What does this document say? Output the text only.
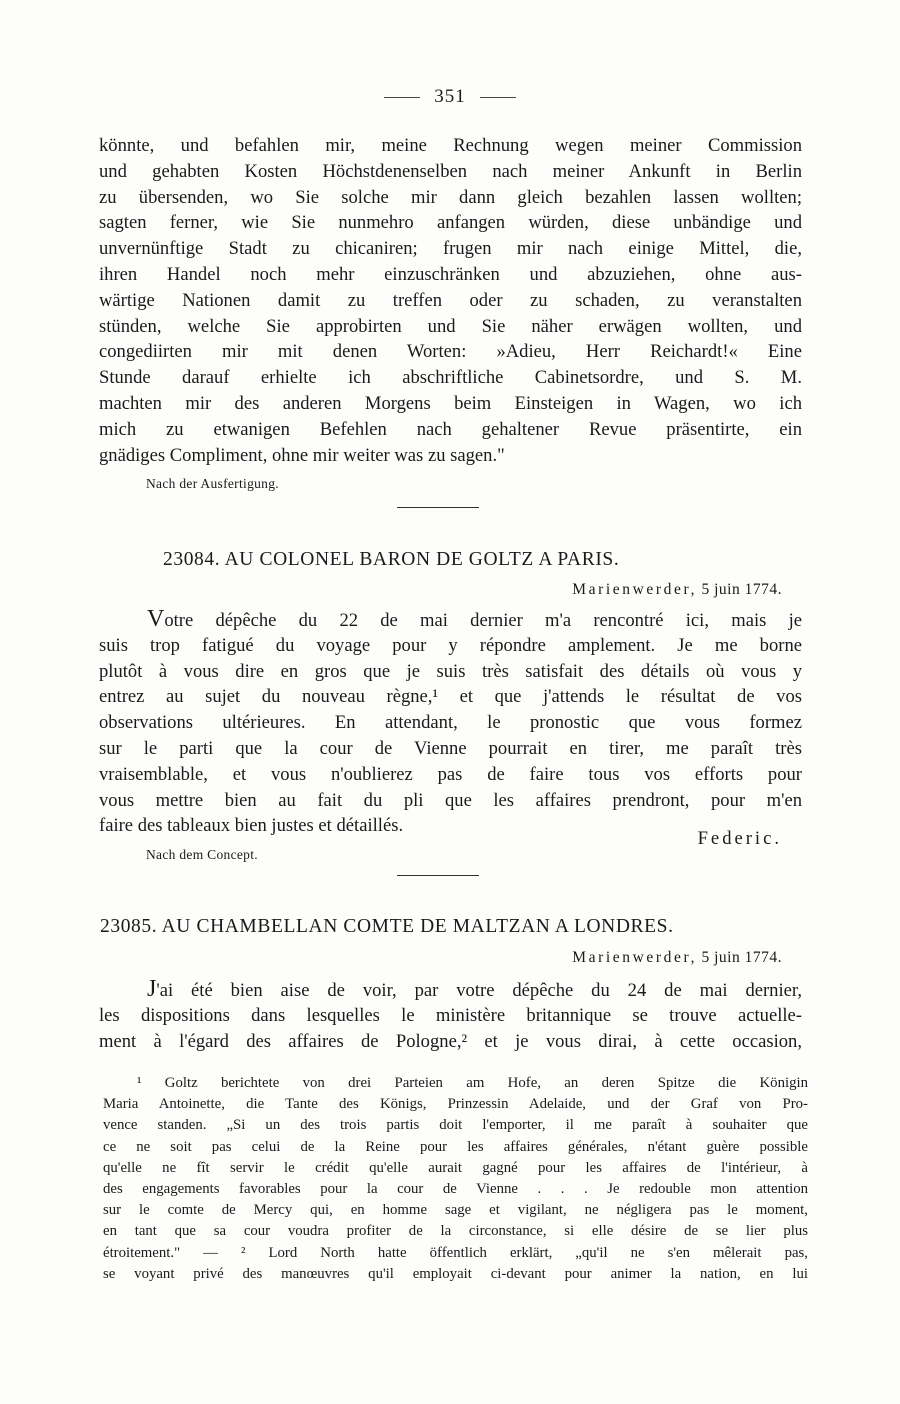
351
könnte, und befahlen mir, meine Rechnung wegen meiner Commission
und gehabten Kosten Höchstdenenselben nach meiner Ankunft in Berlin
zu übersenden, wo Sie solche mir dann gleich bezahlen lassen wollten;
sagten ferner, wie Sie nunmehro anfangen würden, diese unbändige und
unvernünftige Stadt zu chicaniren; frugen mir nach einige Mittel, die,
ihren Handel noch mehr einzuschränken und abzuziehen, ohne aus-
wärtige Nationen damit zu treffen oder zu schaden, zu veranstalten
stünden, welche Sie approbirten und Sie näher erwägen wollten, und
congediirten mir mit denen Worten: »Adieu, Herr Reichardt!« Eine
Stunde darauf erhielte ich abschriftliche Cabinetsordre, und S. M.
machten mir des anderen Morgens beim Einsteigen in Wagen, wo ich
mich zu etwanigen Befehlen nach gehaltener Revue präsentirte, ein
gnädiges Compliment, ohne mir weiter was zu sagen."
Nach der Ausfertigung.
23084. AU COLONEL BARON DE GOLTZ A PARIS.
Marienwerder, 5 juin 1774.
Votre dépêche du 22 de mai dernier m'a rencontré ici, mais je
suis trop fatigué du voyage pour y répondre amplement. Je me borne
plutôt à vous dire en gros que je suis très satisfait des détails où vous y
entrez au sujet du nouveau règne,¹ et que j'attends le résultat de vos
observations ultérieures. En attendant, le pronostic que vous formez
sur le parti que la cour de Vienne pourrait en tirer, me paraît très
vraisemblable, et vous n'oublierez pas de faire tous vos efforts pour
vous mettre bien au fait du pli que les affaires prendront, pour m'en
faire des tableaux bien justes et détaillés.
Federic.
Nach dem Concept.
23085. AU CHAMBELLAN COMTE DE MALTZAN A LONDRES.
Marienwerder, 5 juin 1774.
J'ai été bien aise de voir, par votre dépêche du 24 de mai dernier,
les dispositions dans lesquelles le ministère britannique se trouve actuelle-
ment à l'égard des affaires de Pologne,² et je vous dirai, à cette occasion,
¹ Goltz berichtete von drei Parteien am Hofe, an deren Spitze die Königin
Maria Antoinette, die Tante des Königs, Prinzessin Adelaide, und der Graf von Pro-
vence standen. „Si un des trois partis doit l'emporter, il me paraît à souhaiter que
ce ne soit pas celui de la Reine pour les affaires générales, n'étant guère possible
qu'elle ne fît servir le crédit qu'elle aurait gagné pour les affaires de l'intérieur, à
des engagements favorables pour la cour de Vienne . . . Je redouble mon attention
sur le comte de Mercy qui, en homme sage et vigilant, ne négligera pas le moment,
en tant que sa cour voudra profiter de la circonstance, si elle désire de se lier plus
étroitement." — ² Lord North hatte öffentlich erklärt, „qu'il ne s'en mêlerait pas,
se voyant privé des manœuvres qu'il employait ci-devant pour animer la nation, en lui
